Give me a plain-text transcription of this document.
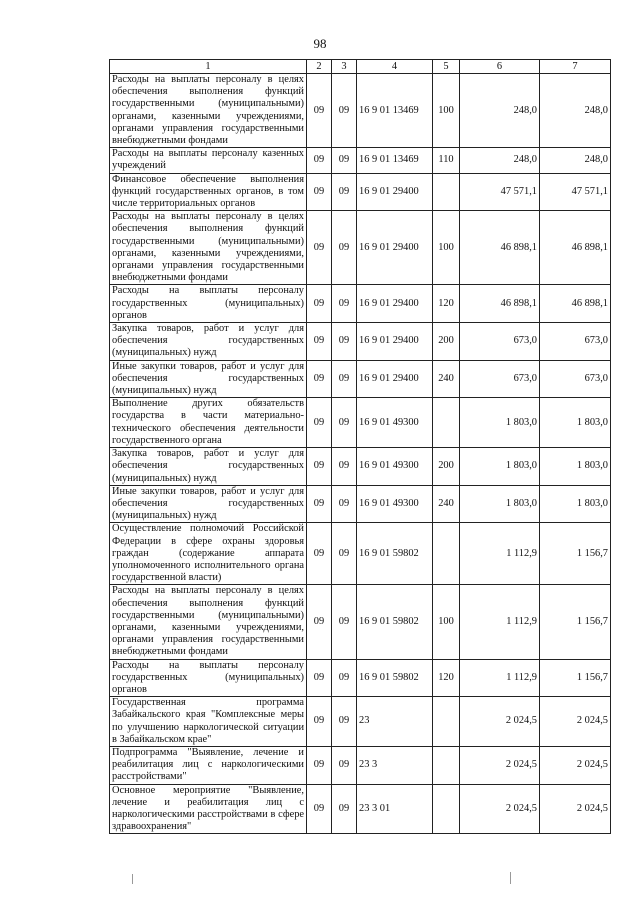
98
1	2	3	4	5	6	7
Расходы на выплаты персоналу в целях обеспечения выполнения функций государственными (муниципальными) органами, казенными учреждениями, органами управления государственными внебюджетными фондами	09	09	16 9 01 13469	100	248,0	248,0
Расходы на выплаты персоналу казенных учреждений	09	09	16 9 01 13469	110	248,0	248,0
Финансовое обеспечение выполнения функций государственных органов, в том числе территориальных органов	09	09	16 9 01 29400		47 571,1	47 571,1
Расходы на выплаты персоналу в целях обеспечения выполнения функций государственными (муниципальными) органами, казенными учреждениями, органами управления государственными внебюджетными фондами	09	09	16 9 01 29400	100	46 898,1	46 898,1
Расходы на выплаты персоналу государственных (муниципальных) органов	09	09	16 9 01 29400	120	46 898,1	46 898,1
Закупка товаров, работ и услуг для обеспечения государственных (муниципальных) нужд	09	09	16 9 01 29400	200	673,0	673,0
Иные закупки товаров, работ и услуг для обеспечения государственных (муниципальных) нужд	09	09	16 9 01 29400	240	673,0	673,0
Выполнение других обязательств государства в части материально-технического обеспечения деятельности государственного органа	09	09	16 9 01 49300		1 803,0	1 803,0
Закупка товаров, работ и услуг для обеспечения государственных (муниципальных) нужд	09	09	16 9 01 49300	200	1 803,0	1 803,0
Иные закупки товаров, работ и услуг для обеспечения государственных (муниципальных) нужд	09	09	16 9 01 49300	240	1 803,0	1 803,0
Осуществление полномочий Российской Федерации в сфере охраны здоровья граждан (содержание аппарата уполномоченного исполнительного органа государственной власти)	09	09	16 9 01 59802		1 112,9	1 156,7
Расходы на выплаты персоналу в целях обеспечения выполнения функций государственными (муниципальными) органами, казенными учреждениями, органами управления государственными внебюджетными фондами	09	09	16 9 01 59802	100	1 112,9	1 156,7
Расходы на выплаты персоналу государственных (муниципальных) органов	09	09	16 9 01 59802	120	1 112,9	1 156,7
Государственная программа Забайкальского края "Комплексные меры по улучшению наркологической ситуации в Забайкальском крае"	09	09	23		2 024,5	2 024,5
Подпрограмма "Выявление, лечение и реабилитация лиц с наркологическими расстройствами"	09	09	23 3		2 024,5	2 024,5
Основное мероприятие "Выявление, лечение и реабилитация лиц с наркологическими расстройствами в сфере здравоохранения"	09	09	23 3 01		2 024,5	2 024,5
